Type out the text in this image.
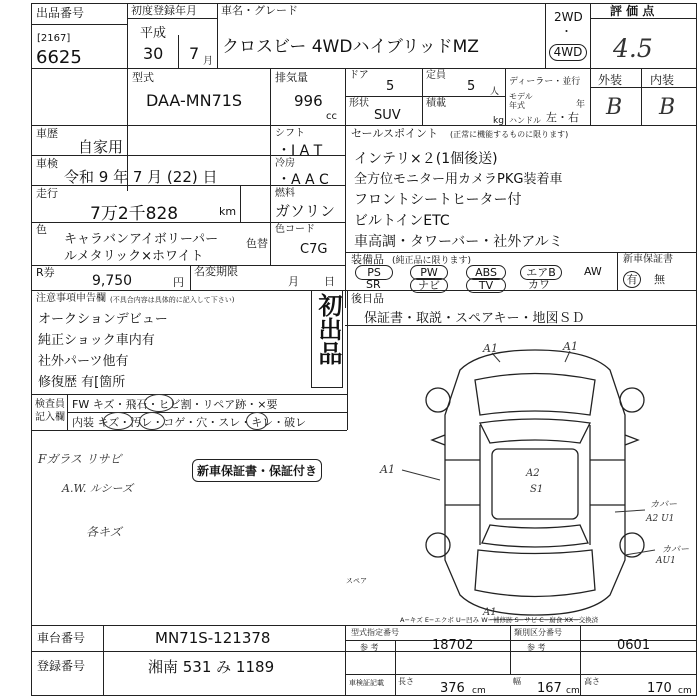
出品番号
[2167]
6625
初度登録年月
平成
30 7 月
車名・グレード
クロスビー 4WDハイブリッドMZ
2WD
・
4WD
評 価 点
4.5
型式
DAA-MN71S
排気量
996
cc
ドア
5
定員
5 人
形状
SUV
積載
kg
ディーラー・並行
モデル年式	年
ハンドル 左・右
外装 内装
B B
車歴
自家用
シフト
・I A T
車検
令和 9 年 7 月 (22) 日
冷房
・A A C
走行
7万2千828	km
燃料
ガソリン
色
キャラバンアイボリーパー
ルメタリック×ホワイト
色替
色コード
C7G
R券
9,750	円
名変期限
月 日
セールスポイント (正常に機能するものに限ります)
インテリ×２(1個後送)
全方位モニター用カメラPKG装着車
フロントシートヒーター付
ビルトインETC
車高調・タワーバー・社外アルミ
装備品 (純正品に限ります)
PS	PW	ABS	エアB	AW
SR	ナビ	TV	カワ
新車保証書
有	無
後日品
保証書・取説・スペアキー・地図ＳＤ
注意事項申告欄 (不具合内容は具体的に記入して下さい)
オークションデビュー
純正ショック車内有
社外パーツ他有
修復歴 有[箇所
初出品
検査員記入欄
FW キズ・飛石・ヒビ割・リペア跡・×要
内装 キズ・汚レ・コゲ・穴・スレ・キレ・破レ
Fガラス リサビ
A.W. ルシーズ
各キズ
新車保証書・保証付き
A1	A1
A1	A2
S1
カバー
A2 U1
カバー
AU1
A1
スペア
A−キズ E−エクボ U−凹み W−補修跡 S−サビ C−腐食 XX−交換済
車台番号	MN71S-121378
登録番号	湘南 531 み 1189
型式指定番号
参 考	18702
類別区分番号
参 考	0601
車検証記載 長さ 376 cm
幅 167 cm
高さ	170 cm
